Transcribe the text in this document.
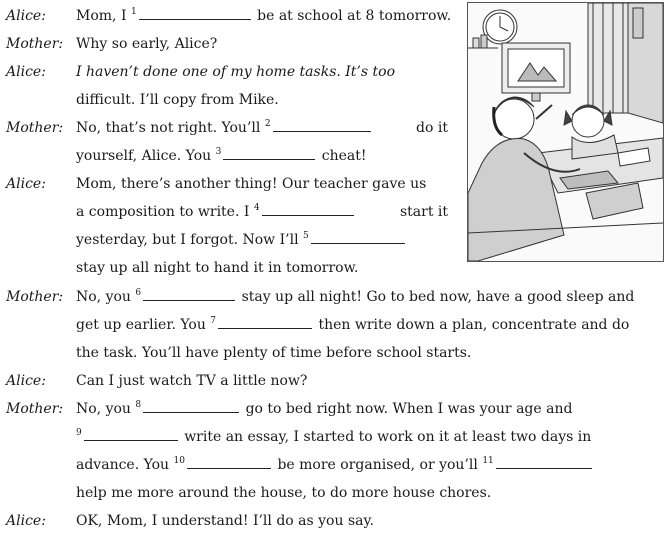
Alice: Mom, I $^1$	be at school at 8 tomorrow.
Mother: Why so early, Alice?
Alice: I haven’t done one of my home tasks. It’s too
difficult. I’ll copy from Mike.
Mother: No, that’s not right. You’ll $^2$	do it
yourself, Alice. You $^3$	cheat!
Alice: Mom, there’s another thing! Our teacher gave us
a composition to write. I $^4$	start it
yesterday, but I forgot. Now I’ll $^5$
stay up all night to hand it in tomorrow.
Mother: No, you $^6$	stay up all night! Go to bed now, have a good sleep and
get up earlier. You $^7$	then write down a plan, concentrate and do
the task. You’ll have plenty of time before school starts.
Alice: Can I just watch TV a little now?
Mother: No, you $^8$	go to bed right now. When I was your age and
$^9$	write an essay, I started to work on it at least two days in
advance. You $^{10}$	be more organised, or you’ll $^{11}$
help me more around the house, to do more house chores.
Alice: OK, Mom, I understand! I’ll do as you say.
